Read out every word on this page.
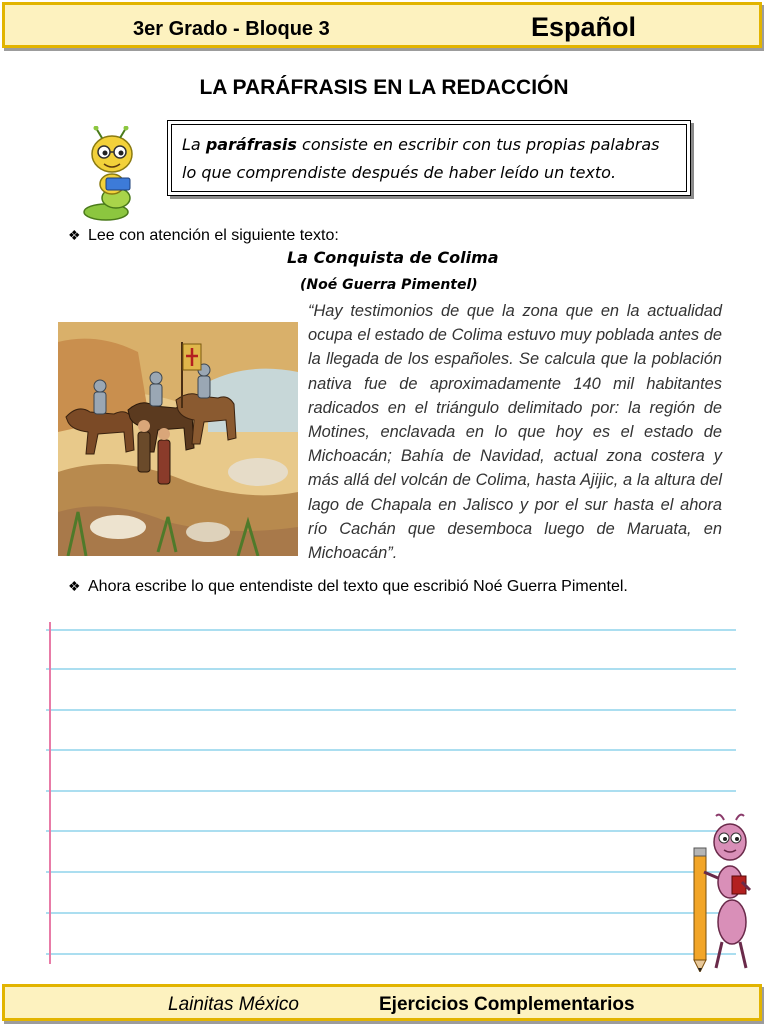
3er Grado - Bloque 3	Español
LA PARÁFRASIS EN LA REDACCIÓN
La paráfrasis consiste en escribir con tus propias palabras lo que comprendiste después de haber leído un texto.
❖ Lee con atención el siguiente texto:
La Conquista de Colima
(Noé Guerra Pimentel)
“Hay testimonios de que la zona que en la actualidad ocupa el estado de Colima estuvo muy poblada antes de la llegada de los españoles. Se calcula que la población nativa fue de aproximadamente 140 mil habitantes radicados en el triángulo delimitado por: la región de Motines, enclavada en lo que hoy es el estado de Michoacán; Bahía de Navidad, actual zona costera y más allá del volcán de Colima, hasta Ajijic, a la altura del lago de Chapala en Jalisco y por el sur hasta el ahora río Cachán que desemboca luego de Maruata, en Michoacán”.
❖ Ahora escribe lo que entendiste del texto que escribió Noé Guerra Pimentel.
Lainitas México	Ejercicios Complementarios
